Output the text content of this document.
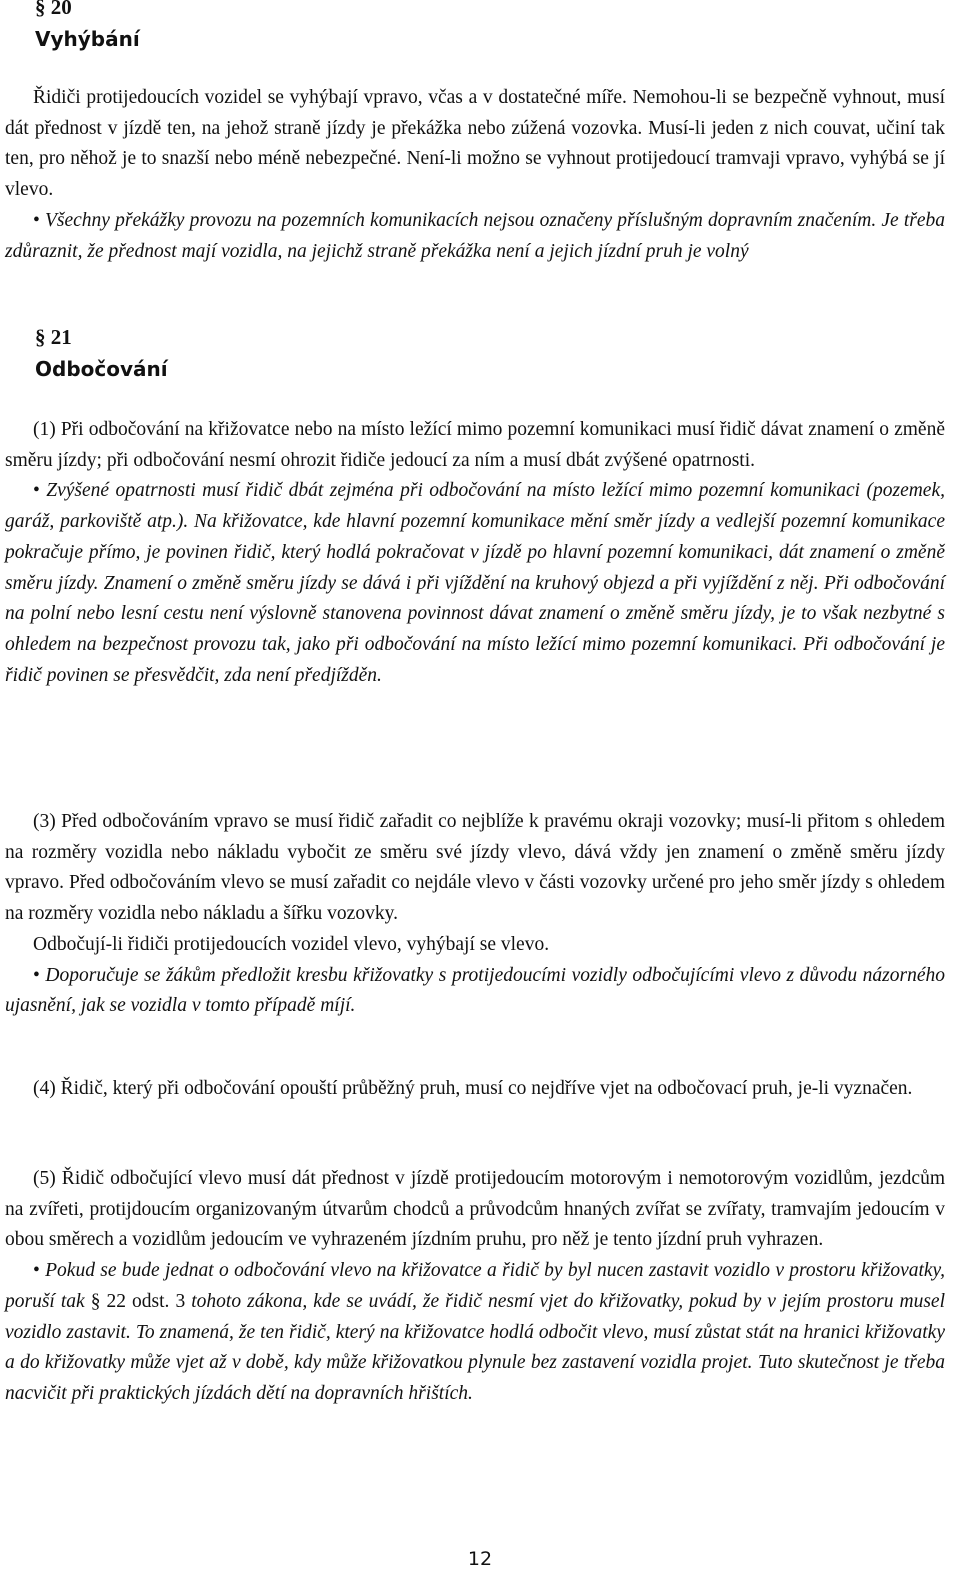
§ 20
Vyhýbání

Řidiči protijedoucích vozidel se vyhýbají vpravo, včas a v dostatečné míře. Nemohou-li se bezpečně vyhnout, musí dát přednost v jízdě ten, na jehož straně jízdy je překážka nebo zúžená vozovka. Musí-li jeden z nich couvat, učiní tak ten, pro něhož je to snazší nebo méně nebezpečné. Není-li možno se vyhnout protijedoucí tramvaji vpravo, vyhýbá se jí vlevo.

• Všechny překážky provozu na pozemních komunikacích nejsou označeny příslušným dopravním značením. Je třeba zdůraznit, že přednost mají vozidla, na jejichž straně překážka není a jejich jízdní pruh je volný

§ 21
Odbočování

(1) Při odbočování na křižovatce nebo na místo ležící mimo pozemní komunikaci musí řidič dávat znamení o změně směru jízdy; při odbočování nesmí ohrozit řidiče jedoucí za ním a musí dbát zvýšené opatrnosti.

• Zvýšené opatrnosti musí řidič dbát zejména při odbočování na místo ležící mimo pozemní komunikaci (pozemek, garáž, parkoviště atp.). Na křižovatce, kde hlavní pozemní komunikace mění směr jízdy a vedlejší pozemní komunikace pokračuje přímo, je povinen řidič, který hodlá pokračovat v jízdě po hlavní pozemní komunikaci, dát znamení o změně směru jízdy. Znamení o změně směru jízdy se dává i při vjíždění na kruhový objezd a při vyjíždění z něj. Při odbočování na polní nebo lesní cestu není výslovně stanovena povinnost dávat znamení o změně směru jízdy, je to však nezbytné s ohledem na bezpečnost provozu tak, jako při odbočování na místo ležící mimo pozemní komunikaci. Při odbočování je řidič povinen se přesvědčit, zda není předjížděn.

(3) Před odbočováním vpravo se musí řidič zařadit co nejblíže k pravému okraji vozovky; musí-li přitom s ohledem na rozměry vozidla nebo nákladu vybočit ze směru své jízdy vlevo, dává vždy jen znamení o změně směru jízdy vpravo. Před odbočováním vlevo se musí zařadit co nejdále vlevo v části vozovky určené pro jeho směr jízdy s ohledem na rozměry vozidla nebo nákladu a šířku vozovky.

Odbočují-li řidiči protijedoucích vozidel vlevo, vyhýbají se vlevo.

• Doporučuje se žákům předložit kresbu křižovatky s protijedoucími vozidly odbočujícími vlevo z důvodu názorného ujasnění, jak se vozidla v tomto případě míjí.

(4) Řidič, který při odbočování opouští průběžný pruh, musí co nejdříve vjet na odbočovací pruh, je-li vyznačen.

(5) Řidič odbočující vlevo musí dát přednost v jízdě protijedoucím motorovým i nemotorovým vozidlům, jezdcům na zvířeti, protijdoucím organizovaným útvarům chodců a průvodcům hnaných zvířat se zvířaty, tramvajím jedoucím v obou směrech a vozidlům jedoucím ve vyhrazeném jízdním pruhu, pro něž je tento jízdní pruh vyhrazen.

• Pokud se bude jednat o odbočování vlevo na křižovatce a řidič by byl nucen zastavit vozidlo v prostoru křižovatky, poruší tak § 22 odst. 3 tohoto zákona, kde se uvádí, že řidič nesmí vjet do křižovatky, pokud by v jejím prostoru musel vozidlo zastavit. To znamená, že ten řidič, který na křižovatce hodlá odbočit vlevo, musí zůstat stát na hranici křižovatky a do křižovatky může vjet až v době, kdy může křižovatkou plynule bez zastavení vozidla projet. Tuto skutečnost je třeba nacvičit při praktických jízdách dětí na dopravních hřištích.

12
